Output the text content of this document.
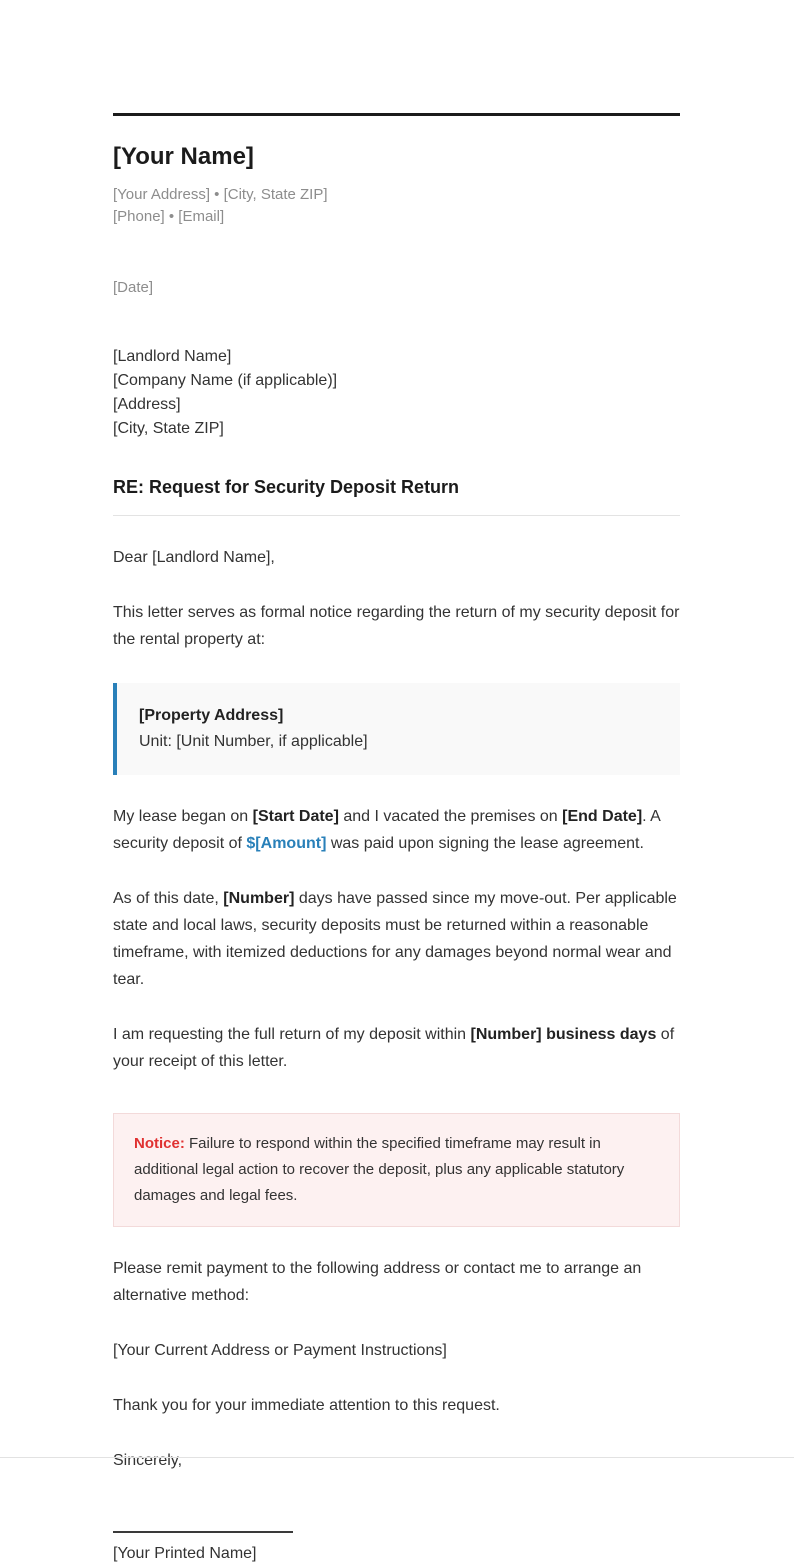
[Your Name]

[Your Address] • [City, State ZIP]

[Phone] • [Email]

[Date]

[Landlord Name]
[Company Name (if applicable)]
[Address]
[City, State ZIP]
RE: Request for Security Deposit Return

Dear [Landlord Name],

This letter serves as formal notice regarding the return of my security deposit for the rental property at:

[Property Address]
Unit: [Unit Number, if applicable]

My lease began on [Start Date] and I vacated the premises on [End Date]. A security deposit of $[Amount] was paid upon signing the lease agreement.

As of this date, [Number] days have passed since my move-out. Per applicable state and local laws, security deposits must be returned within a reasonable timeframe, with itemized deductions for any damages beyond normal wear and tear.

I am requesting the full return of my deposit within [Number] business days of your receipt of this letter.

Notice: Failure to respond within the specified timeframe may result in additional legal action to recover the deposit, plus any applicable statutory damages and legal fees.

Please remit payment to the following address or contact me to arrange an alternative method:

[Your Current Address or Payment Instructions]

Thank you for your immediate attention to this request.

Sincerely,

[Your Printed Name]
